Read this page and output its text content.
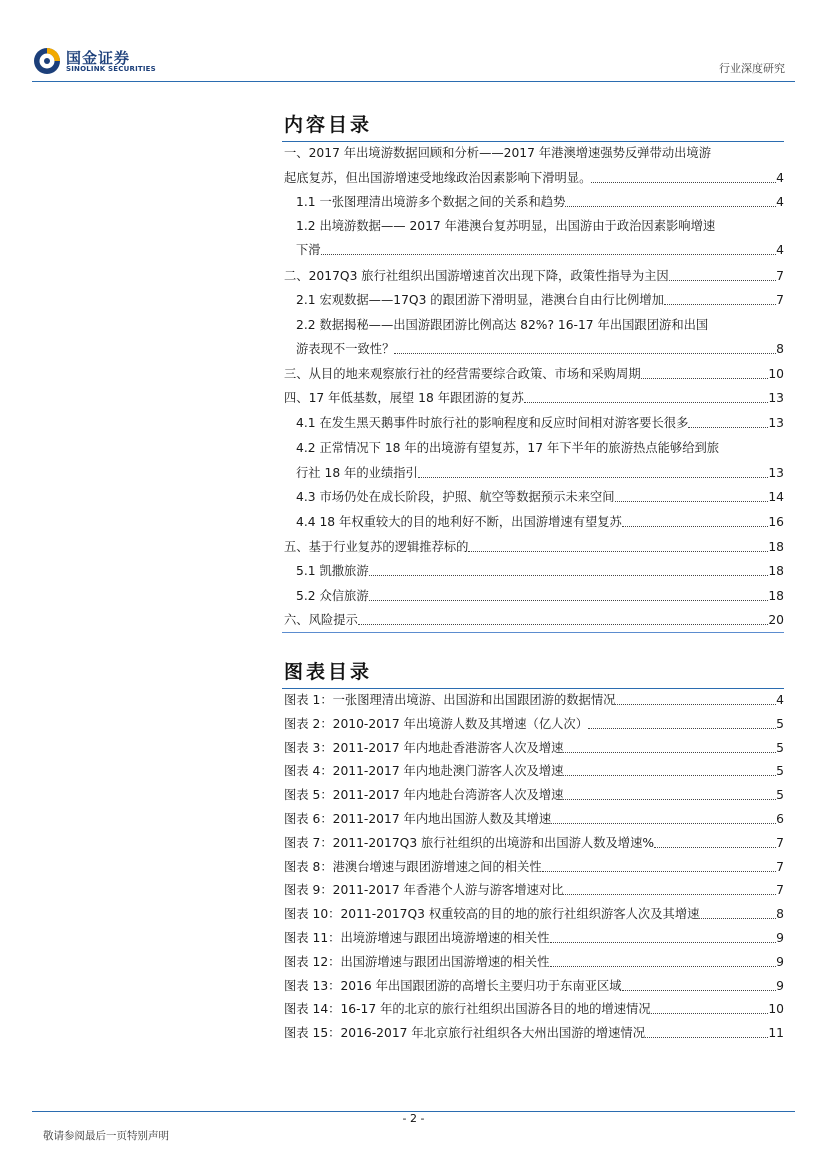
国金证券
SINOLINK SECURITIES	行业深度研究
内容目录
一、2017 年出境游数据回顾和分析——2017 年港澳增速强势反弹带动出境游
起底复苏，但出国游增速受地缘政治因素影响下滑明显。	4
1.1 一张图理清出境游多个数据之间的关系和趋势	4
1.2 出境游数据—— 2017 年港澳台复苏明显，出国游由于政治因素影响增速
下滑	4
二、2017Q3 旅行社组织出国游增速首次出现下降，政策性指导为主因	7
2.1 宏观数据——17Q3 的跟团游下滑明显，港澳台自由行比例增加	7
2.2 数据揭秘——出国游跟团游比例高达 82%? 16-17 年出国跟团游和出国
游表现不一致性？	8
三、从目的地来观察旅行社的经营需要综合政策、市场和采购周期	10
四、17 年低基数，展望 18 年跟团游的复苏	13
4.1 在发生黑天鹅事件时旅行社的影响程度和反应时间相对游客要长很多	13
4.2 正常情况下 18 年的出境游有望复苏，17 年下半年的旅游热点能够给到旅
行社 18 年的业绩指引	13
4.3 市场仍处在成长阶段，护照、航空等数据预示未来空间	14
4.4 18 年权重较大的目的地利好不断，出国游增速有望复苏	16
五、基于行业复苏的逻辑推荐标的	18
5.1 凯撒旅游	18
5.2 众信旅游	18
六、风险提示	20
图表目录
图表 1：一张图理清出境游、出国游和出国跟团游的数据情况	4
图表 2：2010-2017 年出境游人数及其增速（亿人次）	5
图表 3：2011-2017 年内地赴香港游客人次及增速	5
图表 4：2011-2017 年内地赴澳门游客人次及增速	5
图表 5：2011-2017 年内地赴台湾游客人次及增速	5
图表 6：2011-2017 年内地出国游人数及其增速	6
图表 7：2011-2017Q3 旅行社组织的出境游和出国游人数及增速%	7
图表 8：港澳台增速与跟团游增速之间的相关性	7
图表 9：2011-2017 年香港个人游与游客增速对比	7
图表 10：2011-2017Q3 权重较高的目的地的旅行社组织游客人次及其增速	8
图表 11：出境游增速与跟团出境游增速的相关性	9
图表 12：出国游增速与跟团出国游增速的相关性	9
图表 13：2016 年出国跟团游的高增长主要归功于东南亚区域	9
图表 14：16-17 年的北京的旅行社组织出国游各目的地的增速情况	10
图表 15：2016-2017 年北京旅行社组织各大州出国游的增速情况	11
- 2 -
敬请参阅最后一页特别声明
